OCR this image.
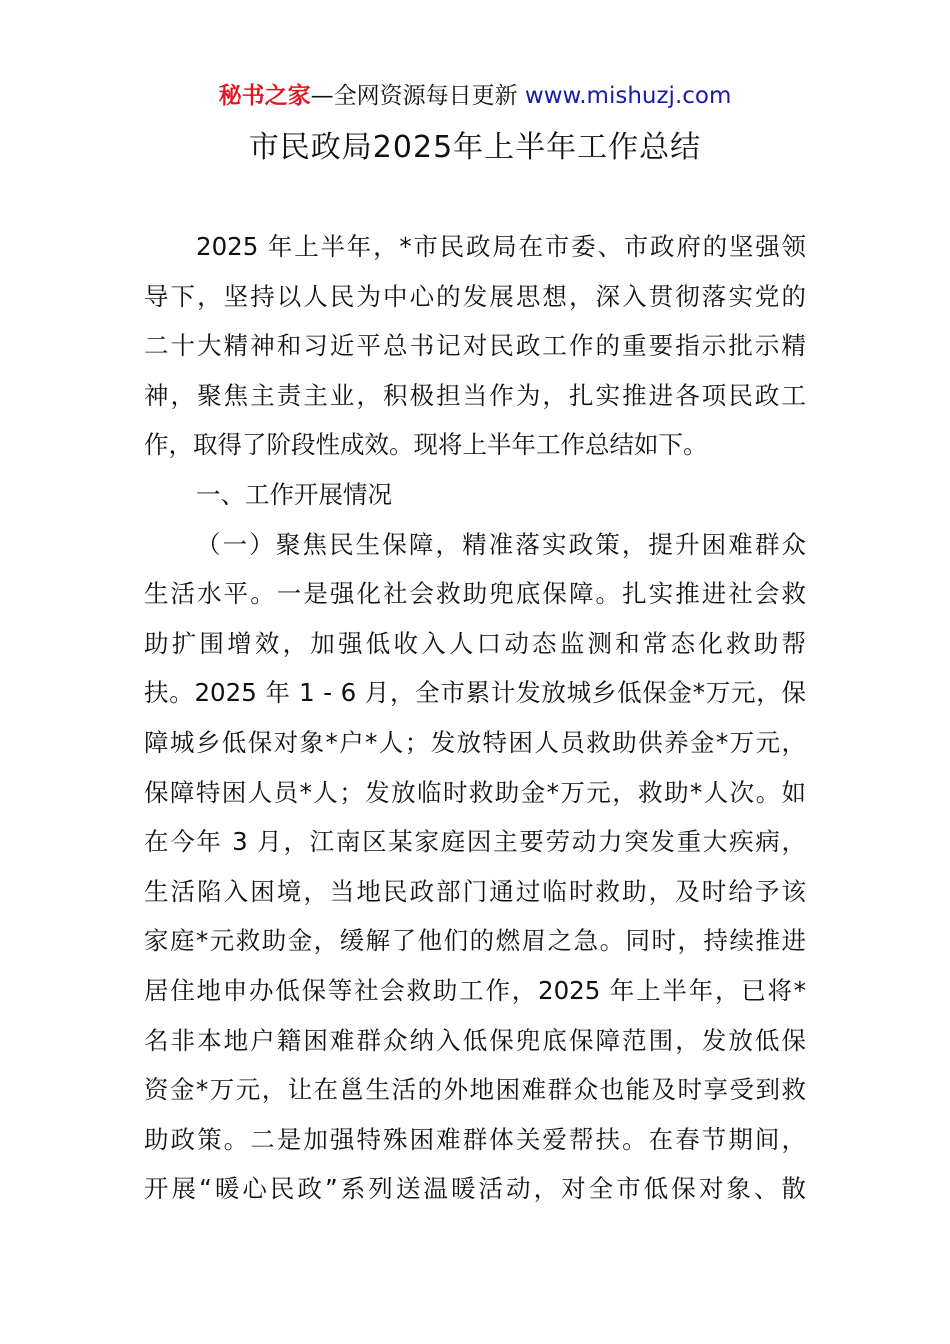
秘书之家—全网资源每日更新 www.mishuzj.com
市民政局2025年上半年工作总结
2025 年上半年，*市民政局在市委、市政府的坚强领
导下，坚持以人民为中心的发展思想，深入贯彻落实党的
二十大精神和习近平总书记对民政工作的重要指示批示精
神，聚焦主责主业，积极担当作为，扎实推进各项民政工
作，取得了阶段性成效。现将上半年工作总结如下。
一、工作开展情况
（一）聚焦民生保障，精准落实政策，提升困难群众
生活水平。一是强化社会救助兜底保障。扎实推进社会救
助扩围增效，加强低收入人口动态监测和常态化救助帮
扶。2025 年 1 - 6 月，全市累计发放城乡低保金*万元，保
障城乡低保对象*户*人；发放特困人员救助供养金*万元，
保障特困人员*人；发放临时救助金*万元，救助*人次。如
在今年 3 月，江南区某家庭因主要劳动力突发重大疾病，
生活陷入困境，当地民政部门通过临时救助，及时给予该
家庭*元救助金，缓解了他们的燃眉之急。同时，持续推进
居住地申办低保等社会救助工作，2025 年上半年，已将*
名非本地户籍困难群众纳入低保兜底保障范围，发放低保
资金*万元，让在邕生活的外地困难群众也能及时享受到救
助政策。二是加强特殊困难群体关爱帮扶。在春节期间，
开展“暖心民政”系列送温暖活动，对全市低保对象、散
